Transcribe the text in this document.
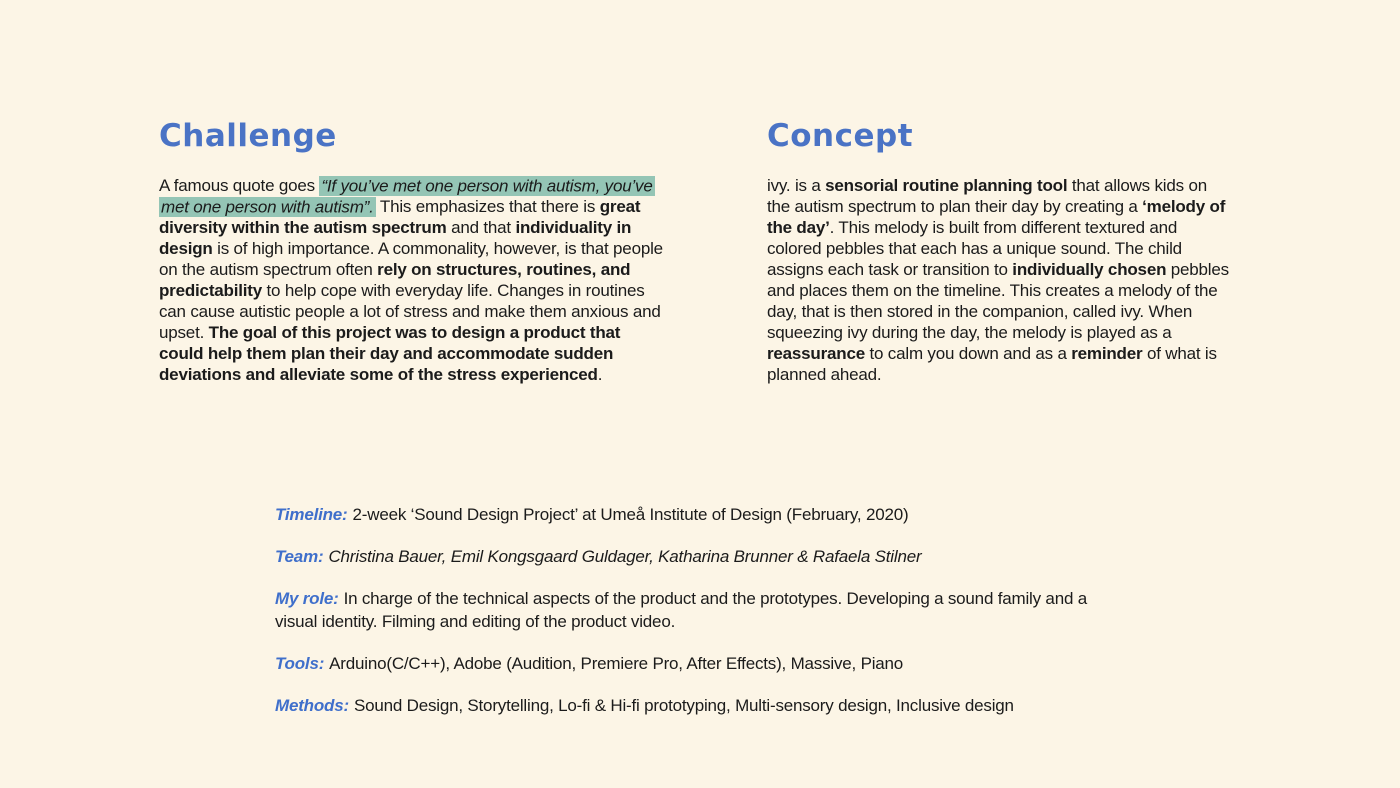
Challenge

A famous quote goes “If you’ve met one person with autism, you’ve met one person with autism”. This emphasizes that there is great diversity within the autism spectrum and that individuality in design is of high importance. A commonality, however, is that people on the autism spectrum often rely on structures, routines, and predictability to help cope with everyday life. Changes in routines can cause autistic people a lot of stress and make them anxious and upset. The goal of this project was to design a product that could help them plan their day and accommodate sudden deviations and alleviate some of the stress experienced.

Concept

ivy. is a sensorial routine planning tool that allows kids on the autism spectrum to plan their day by creating a ‘melody of the day’. This melody is built from different textured and colored pebbles that each has a unique sound. The child assigns each task or transition to individually chosen pebbles and places them on the timeline. This creates a melody of the day, that is then stored in the companion, called ivy. When squeezing ivy during the day, the melody is played as a reassurance to calm you down and as a reminder of what is planned ahead.

Timeline: 2-week ‘Sound Design Project’ at Umeå Institute of Design (February, 2020)
Team: Christina Bauer, Emil Kongsgaard Guldager, Katharina Brunner & Rafaela Stilner
My role: In charge of the technical aspects of the product and the prototypes. Developing a sound family and a visual identity. Filming and editing of the product video.
Tools: Arduino(C/C++), Adobe (Audition, Premiere Pro, After Effects), Massive, Piano
Methods: Sound Design, Storytelling, Lo-fi & Hi-fi prototyping, Multi-sensory design, Inclusive design
